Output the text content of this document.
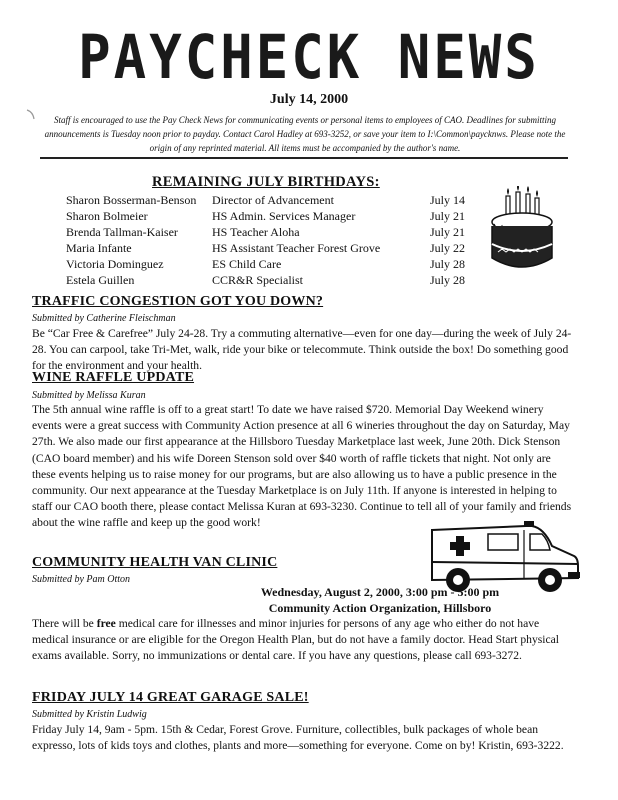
PAYCHECK NEWS
July 14, 2000
Staff is encouraged to use the Pay Check News for communicating events or personal items to employees of CAO. Deadlines for submitting announcements is Tuesday noon prior to payday. Contact Carol Hadley at 693-3252, or save your item to I:\Common\paycknws. Please note the origin of any reprinted material. All items must be accompanied by the author's name.
REMAINING JULY BIRTHDAYS:
Sharon Bosserman-Benson	Director of Advancement	July 14
Sharon Bolmeier	HS Admin. Services Manager	July 21
Brenda Tallman-Kaiser	HS Teacher Aloha	July 21
Maria Infante	HS Assistant Teacher Forest Grove	July 22
Victoria Dominguez	ES Child Care	July 28
Estela Guillen	CCR&R Specialist	July 28
TRAFFIC CONGESTION GOT YOU DOWN?
Submitted by Catherine Fleischman

Be “Car Free & Carefree” July 24-28. Try a commuting alternative—even for one day—during the week of July 24-28. You can carpool, take Tri-Met, walk, ride your bike or telecommute. Think outside the box! Do something good for the environment and your health.

WINE RAFFLE UPDATE
Submitted by Melissa Kuran

The 5th annual wine raffle is off to a great start! To date we have raised $720. Memorial Day Weekend winery events were a great success with Community Action presence at all 6 wineries throughout the day on Saturday, May 27th. We also made our first appearance at the Hillsboro Tuesday Marketplace last week, June 20th. Dick Stenson (CAO board member) and his wife Doreen Stenson sold over $40 worth of raffle tickets that night. Not only are these events helping us to raise money for our programs, but are also allowing us to have a public presence in the community. Our next appearance at the Tuesday Marketplace is on July 11th. If anyone is interested in helping to staff our CAO booth there, please contact Melissa Kuran at 693-3230. Continue to tell all of your family and friends about the wine raffle and keep up the good work!

COMMUNITY HEALTH VAN CLINIC
Submitted by Pam Otton
Wednesday, August 2, 2000, 3:00 pm - 5:00 pm
Community Action Organization, Hillsboro

There will be free medical care for illnesses and minor injuries for persons of any age who either do not have medical insurance or are eligible for the Oregon Health Plan, but do not have a family doctor. Head Start physical exams available. Sorry, no immunizations or dental care. If you have any questions, please call 693-3272.

FRIDAY JULY 14 GREAT GARAGE SALE!
Submitted by Kristin Ludwig

Friday July 14, 9am - 5pm. 15th & Cedar, Forest Grove. Furniture, collectibles, bulk packages of whole bean expresso, lots of kids toys and clothes, plants and more—something for everyone. Come on by! Kristin, 693-3222.
